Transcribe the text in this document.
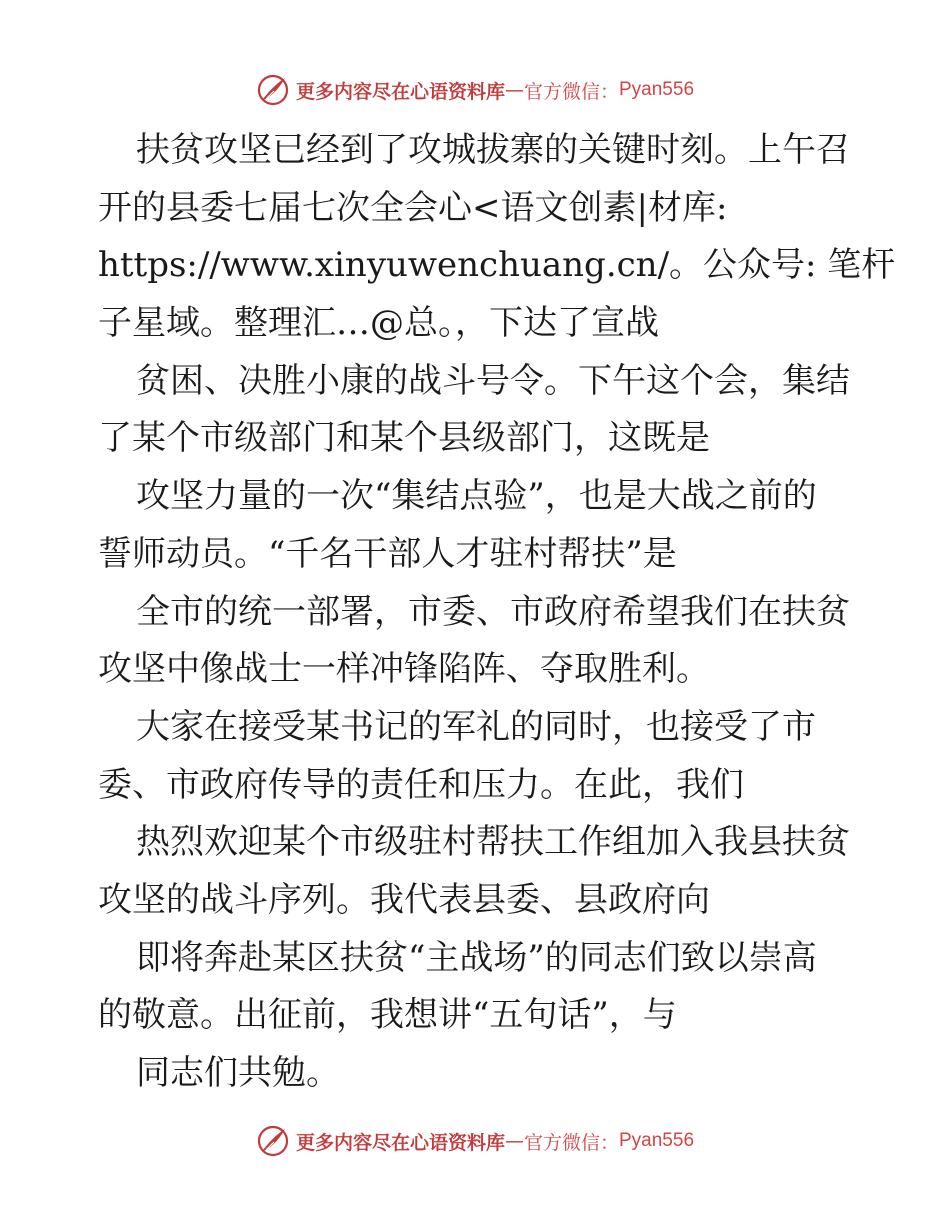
更多内容尽在心语资料库 — 官方微信： Pyan556
扶贫攻坚已经到了攻城拔寨的关键时刻。上午召
开的县委七届七次全会心<语文创素|材库:
https://www.xinyuwenchuang.cn/。公众号: 笔杆
子星域。整理汇…@总。，下达了宣战
贫困、决胜小康的战斗号令。下午这个会，集结
了某个市级部门和某个县级部门，这既是
攻坚力量的一次“集结点验”，也是大战之前的
誓师动员。“千名干部人才驻村帮扶”是
全市的统一部署，市委、市政府希望我们在扶贫
攻坚中像战士一样冲锋陷阵、夺取胜利。
大家在接受某书记的军礼的同时，也接受了市
委、市政府传导的责任和压力。在此，我们
热烈欢迎某个市级驻村帮扶工作组加入我县扶贫
攻坚的战斗序列。我代表县委、县政府向
即将奔赴某区扶贫“主战场”的同志们致以崇高
的敬意。出征前，我想讲“五句话”，与
同志们共勉。
更多内容尽在心语资料库 — 官方微信： Pyan556
